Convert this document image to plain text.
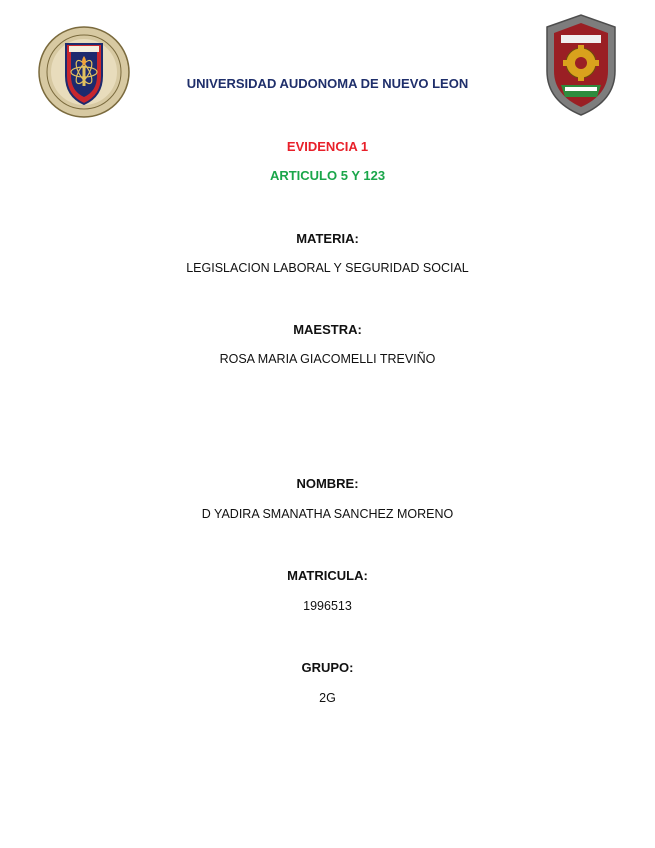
UNIVERSIDAD AUDONOMA DE NUEVO LEON
EVIDENCIA 1
ARTICULO 5 Y 123
MATERIA:
LEGISLACION LABORAL Y SEGURIDAD SOCIAL
MAESTRA:
ROSA MARIA GIACOMELLI TREVIÑO
NOMBRE:
D YADIRA SMANATHA SANCHEZ MORENO
MATRICULA:
1996513
GRUPO:
2G
